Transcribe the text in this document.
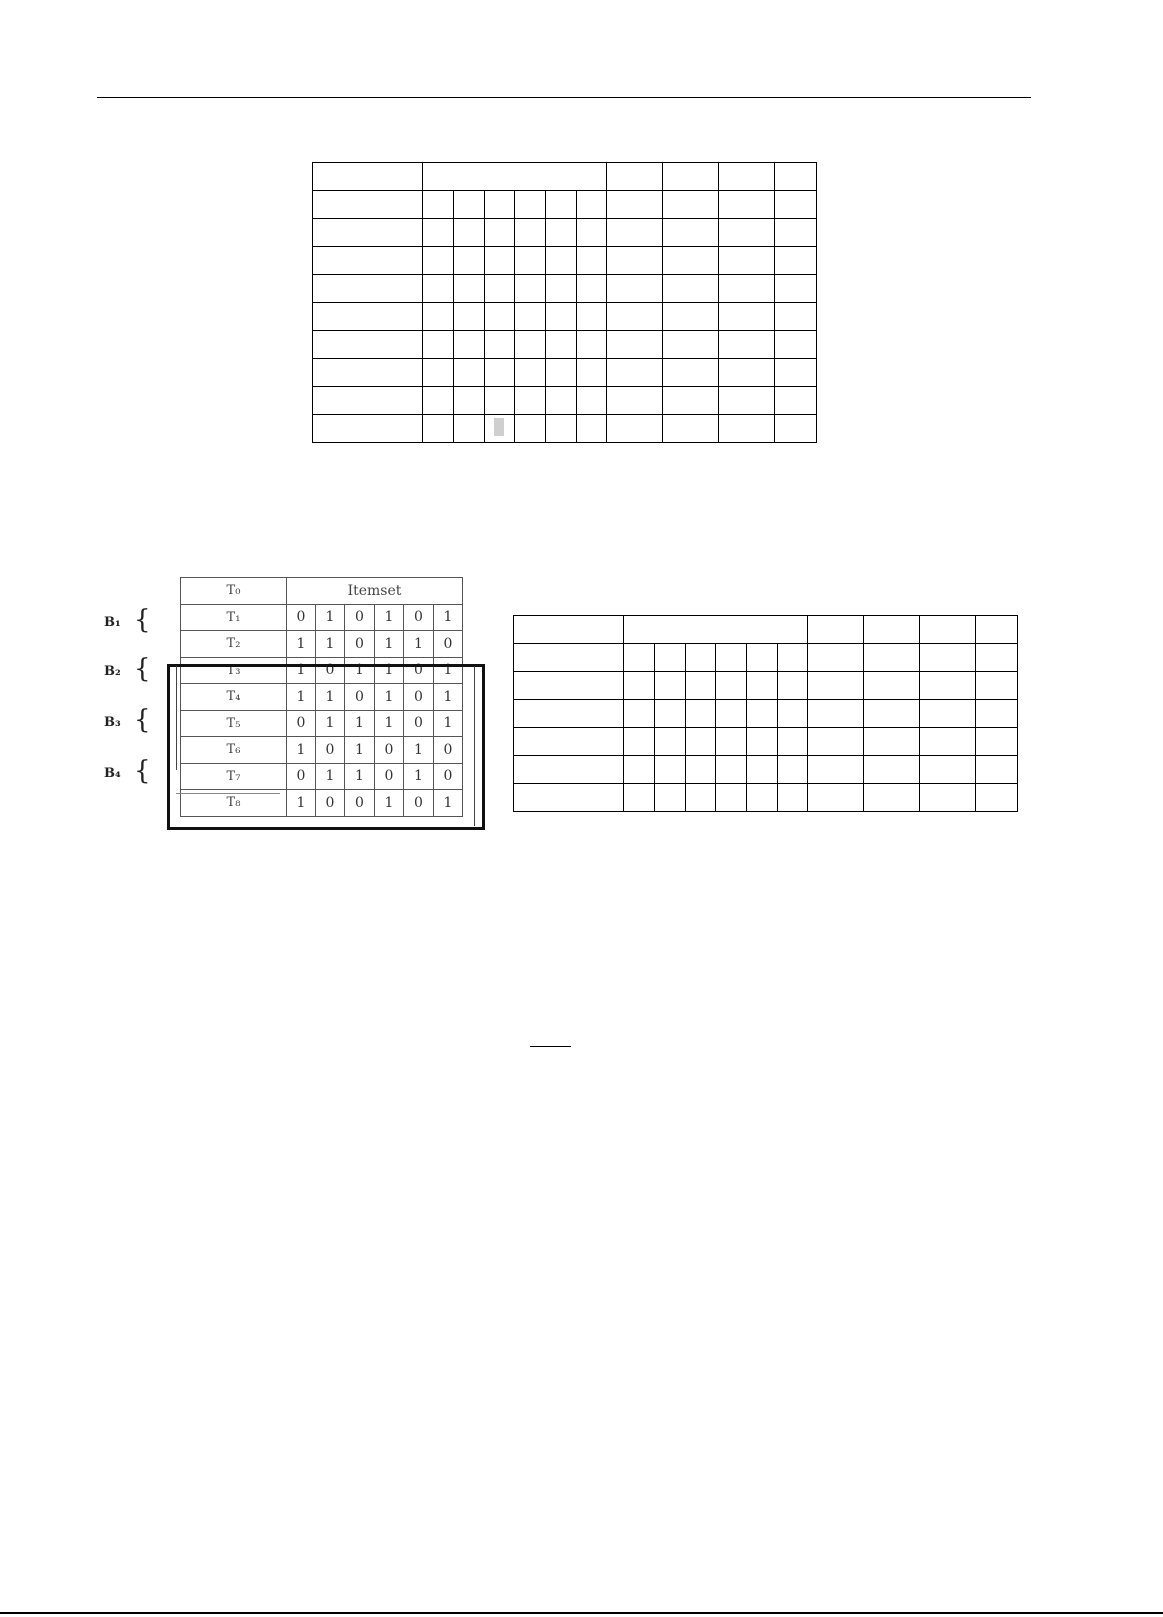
T₀	Itemset					
T₁	0	1	0	1	0	1
T₂	1	1	0	1	1	0
T₃	1	0	1	1	0	1
T₄	1	1	0	1	0	1
T₅	0	1	1	1	0	1
T₆	1	0	1	0	1	0
T₇	0	1	1	0	1	0
T₈	1	0	0	1	0	1
B₁ {
B₂ {
B₃ {
B₄ {
